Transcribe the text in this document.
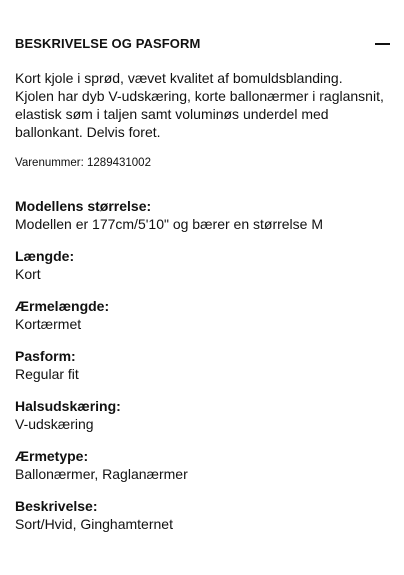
BESKRIVELSE OG PASFORM
Kort kjole i sprød, vævet kvalitet af bomuldsblanding. Kjolen har dyb V-udskæring, korte ballonærmer i raglansnit, elastisk søm i taljen samt voluminøs underdel med ballonkant. Delvis foret.
Varenummer: 1289431002
Modellens størrelse:
Modellen er 177cm/5'10" og bærer en størrelse M
Længde:
Kort
Ærmelængde:
Kortærmet
Pasform:
Regular fit
Halsudskæring:
V-udskæring
Ærmetype:
Ballonærmer, Raglanærmer
Beskrivelse:
Sort/Hvid, Ginghamternet
